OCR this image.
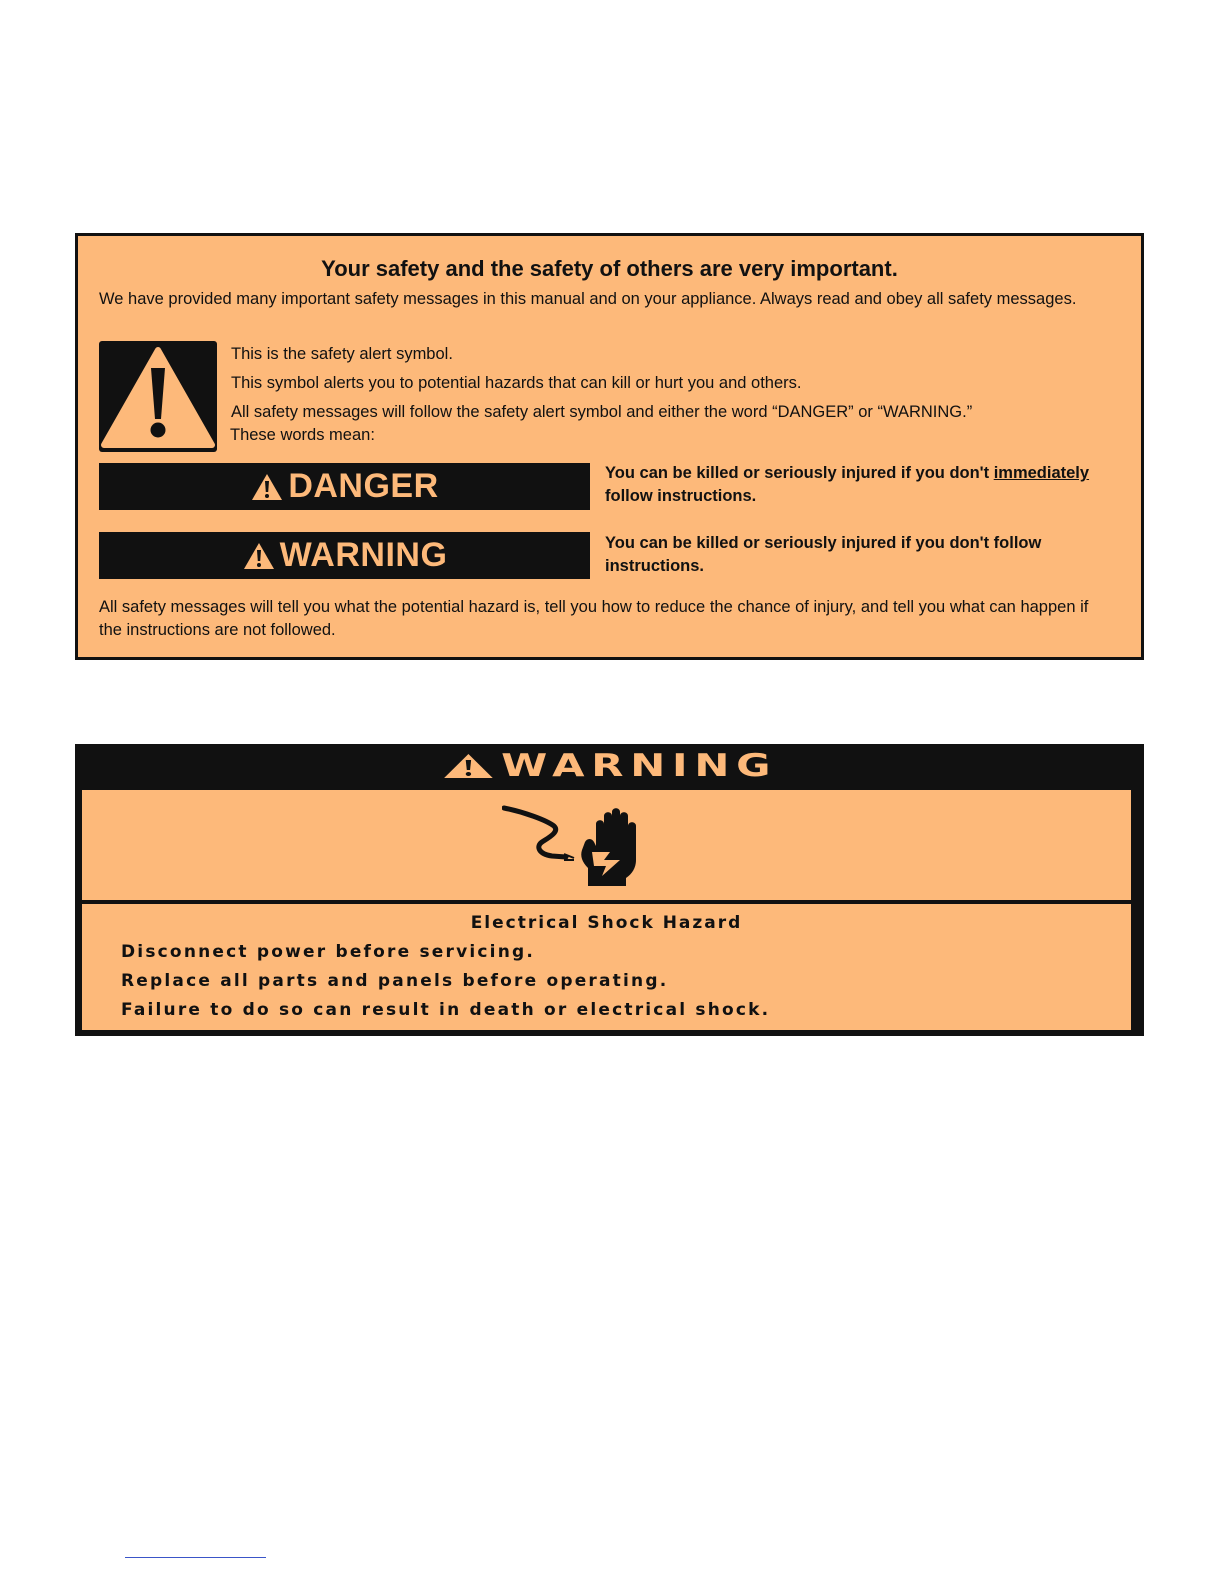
Your safety and the safety of others are very important.
We have provided many important safety messages in this manual and on your appliance. Always read and obey all safety messages.
This is the safety alert symbol.
This symbol alerts you to potential hazards that can kill or hurt you and others.
All safety messages will follow the safety alert symbol and either the word “DANGER” or “WARNING.”
These words mean:
DANGER	You can be killed or seriously injured if you don't immediately follow instructions.
WARNING	You can be killed or seriously injured if you don't follow instructions.
All safety messages will tell you what the potential hazard is, tell you how to reduce the chance of injury, and tell you what can happen if the instructions are not followed.
WARNING
Electrical Shock Hazard
Disconnect power before servicing.
Replace all parts and panels before operating.
Failure to do so can result in death or electrical shock.
